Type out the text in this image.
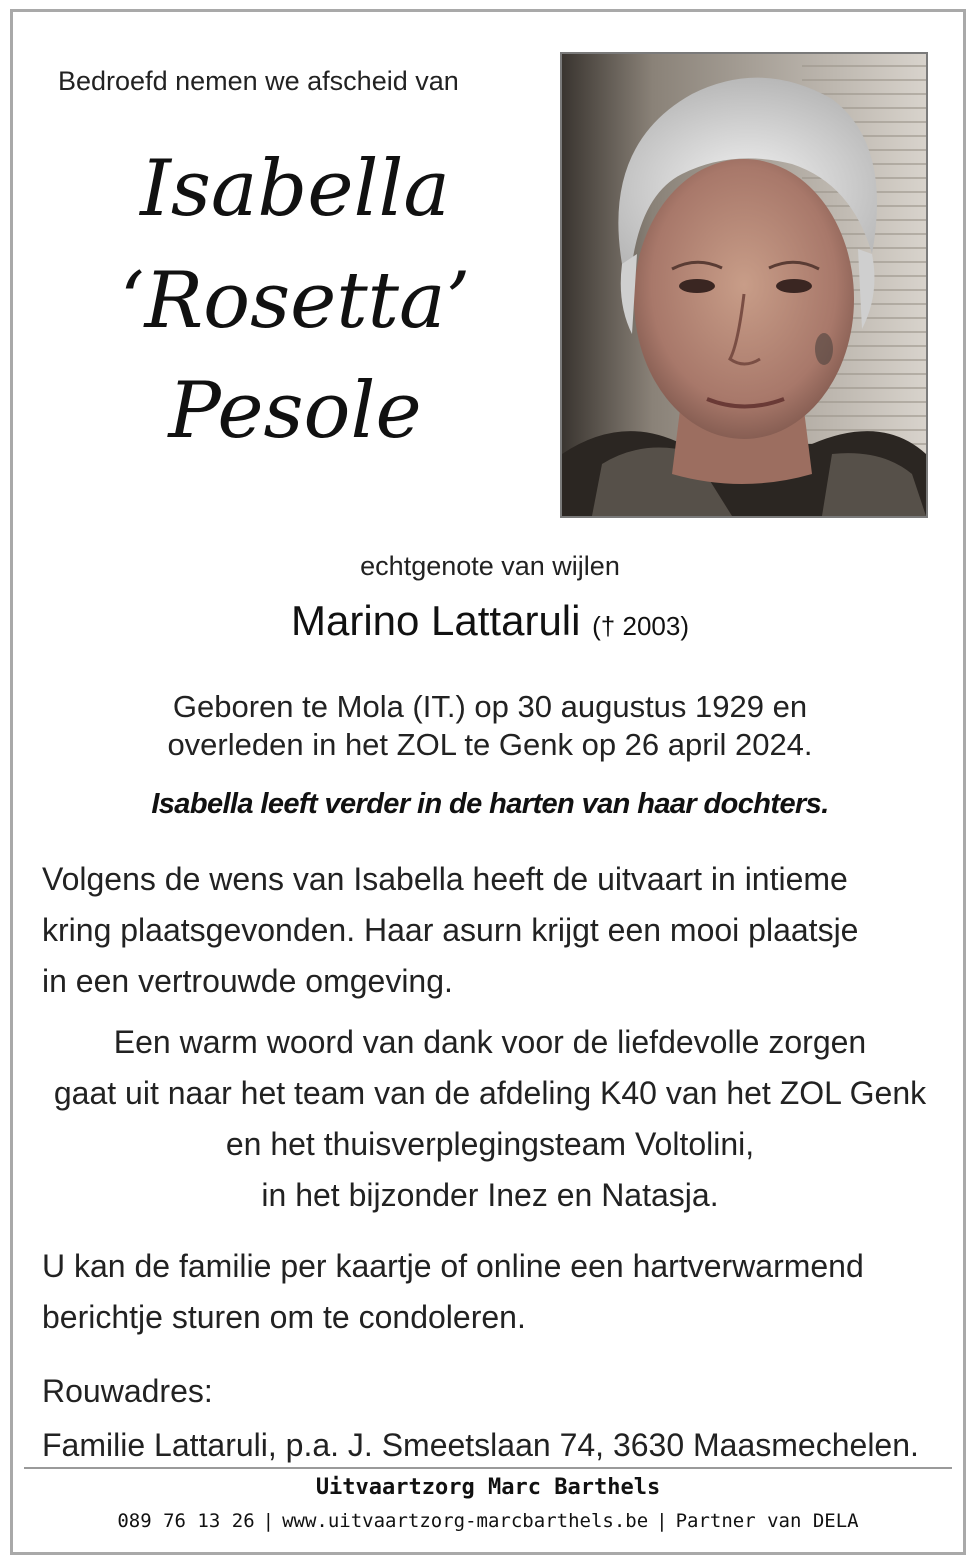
Bedroefd nemen we afscheid van
Isabella
‘Rosetta’
Pesole
echtgenote van wijlen
Marino Lattaruli († 2003)
Geboren te Mola (IT.) op 30 augustus 1929 en
overleden in het ZOL te Genk op 26 april 2024.
Isabella leeft verder in de harten van haar dochters.
Volgens de wens van Isabella heeft de uitvaart in intieme
kring plaatsgevonden. Haar asurn krijgt een mooi plaatsje
in een vertrouwde omgeving.
Een warm woord van dank voor de liefdevolle zorgen
gaat uit naar het team van de afdeling K40 van het ZOL Genk
en het thuisverplegingsteam Voltolini,
in het bijzonder Inez en Natasja.
U kan de familie per kaartje of online een hartverwarmend
berichtje sturen om te condoleren.
Rouwadres:
Familie Lattaruli, p.a. J. Smeetslaan 74, 3630 Maasmechelen.
Uitvaartzorg Marc Barthels
089 76 13 26 | www.uitvaartzorg-marcbarthels.be | Partner van DELA
